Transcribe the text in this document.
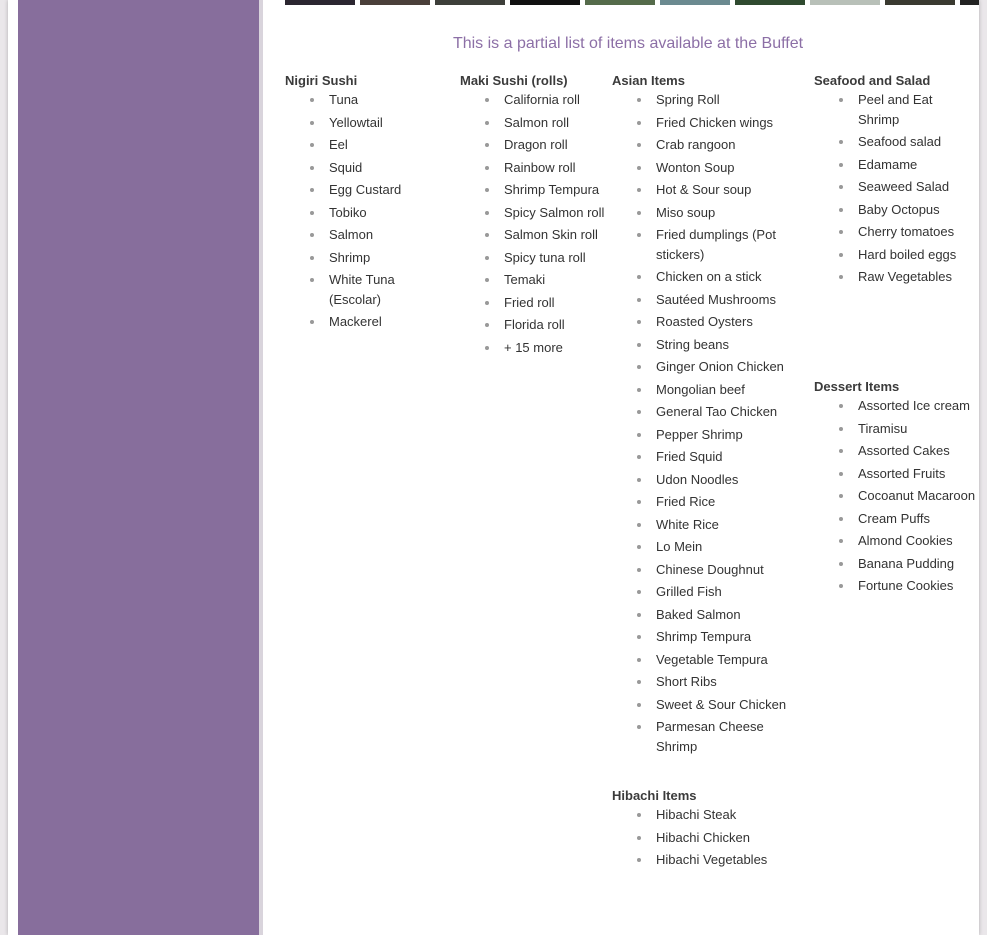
This is a partial list of items available at the Buffet
Nigiri Sushi
Tuna
Yellowtail
Eel
Squid
Egg Custard
Tobiko
Salmon
Shrimp
White Tuna (Escolar)
Mackerel
Maki Sushi (rolls)
California roll
Salmon roll
Dragon roll
Rainbow roll
Shrimp Tempura
Spicy Salmon roll
Salmon Skin roll
Spicy tuna roll
Temaki
Fried roll
Florida roll
+ 15 more
Asian Items
Spring Roll
Fried Chicken wings
Crab rangoon
Wonton Soup
Hot & Sour soup
Miso soup
Fried dumplings (Pot stickers)
Chicken on a stick
Sautéed Mushrooms
Roasted Oysters
String beans
Ginger Onion Chicken
Mongolian beef
General Tao Chicken
Pepper Shrimp
Fried Squid
Udon Noodles
Fried Rice
White Rice
Lo Mein
Chinese Doughnut
Grilled Fish
Baked Salmon
Shrimp Tempura
Vegetable Tempura
Short Ribs
Sweet & Sour Chicken
Parmesan Cheese Shrimp
Hibachi Items
Hibachi Steak
Hibachi Chicken
Hibachi Vegetables
Seafood and Salad
Peel and Eat Shrimp
Seafood salad
Edamame
Seaweed Salad
Baby Octopus
Cherry tomatoes
Hard boiled eggs
Raw Vegetables
Dessert Items
Assorted Ice cream
Tiramisu
Assorted Cakes
Assorted Fruits
Cocoanut Macaroon
Cream Puffs
Almond Cookies
Banana Pudding
Fortune Cookies
